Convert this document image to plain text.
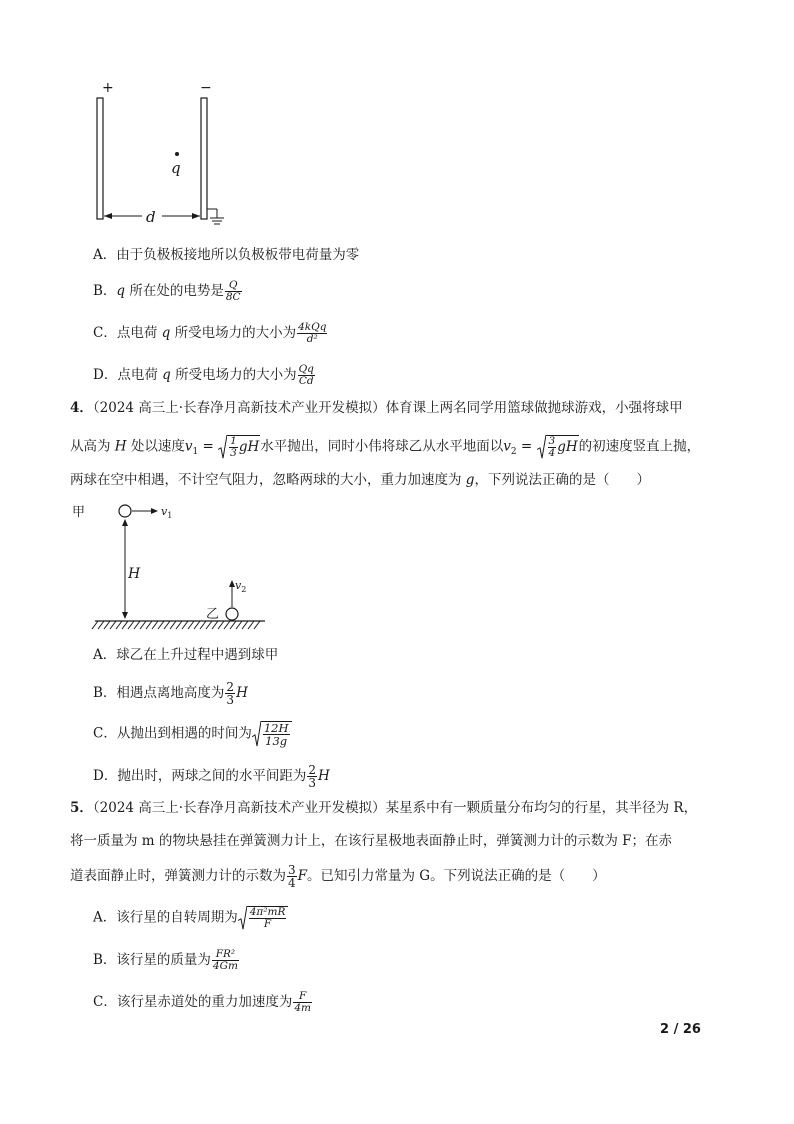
+	−
q
d
A．由于负极板接地所以负极板带电荷量为零
B．q 所在处的电势是 $\frac{Q}{8C}$
C．点电荷 q 所受电场力的大小为 $\frac{\text{4kQq}}{\text{d²}}$
D．点电荷 q 所受电场力的大小为 $\frac{Qq}{Cd}$
4．（2024 高三上·长春净月高新技术产业开发模拟）体育课上两名同学用篮球做抛球游戏，小强将球甲
从高为 H 处以速度$v_1 = \frac{1}{3}$ gH水平抛出，同时小伟将球乙从水平地面以$v_2 = \frac{3}{4}$ gH的初速度竖直上抛，
两球在空中相遇，不计空气阻力，忽略两球的大小，重力加速度为 g，下列说法正确的是（　　）
甲	$v_1$
H
$v_2$
乙
A．球乙在上升过程中遇到球甲
B．相遇点离地高度为 $\frac{2}{3}$ H
C．从抛出到相遇的时间为 $\frac{12H}{13g}$
D．抛出时，两球之间的水平间距为 $\frac{2}{3}$ H
5．（2024 高三上·长春净月高新技术产业开发模拟）某星系中有一颗质量分布均匀的行星，其半径为 R，
将一质量为 m 的物块悬挂在弹簧测力计上，在该行星极地表面静止时，弹簧测力计的示数为 F；在赤
道表面静止时，弹簧测力计的示数为 $\frac{3}{4}$ F。已知引力常量为 G。下列说法正确的是（　　）
A．该行星的自转周期为 $\frac{\text{4π²mR}}{F}$
B．该行星的质量为 $\frac{\text{FR²}}{4Gm}$
C．该行星赤道处的重力加速度为 $\frac{F}{4m}$
2 / 26
